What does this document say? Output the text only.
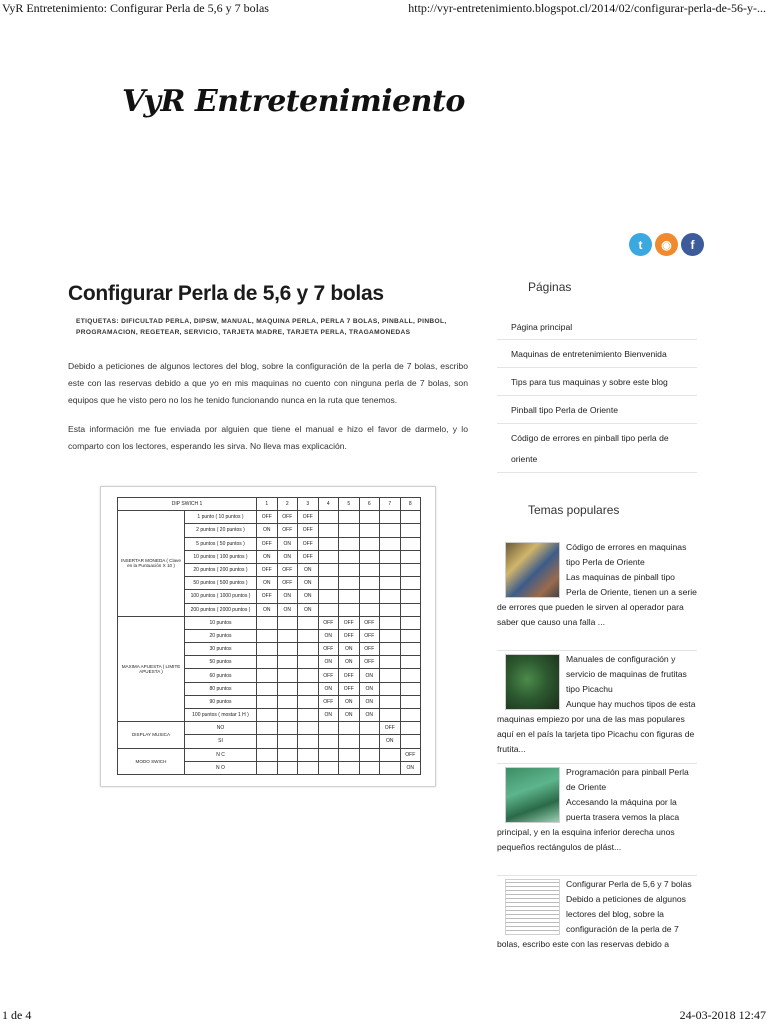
VyR Entretenimiento: Configurar Perla de 5,6 y 7 bolas	http://vyr-entretenimiento.blogspot.cl/2014/02/configurar-perla-de-56-y-...
VyR Entretenimiento
t	◉	f
Configurar Perla de 5,6 y 7 bolas
ETIQUETAS: DIFICULTAD PERLA, DIPSW, MANUAL, MAQUINA PERLA, PERLA 7 BOLAS, PINBALL, PINBOL, PROGRAMACION, REGETEAR, SERVICIO, TARJETA MADRE, TARJETA PERLA, TRAGAMONEDAS

Debido a peticiones de algunos lectores del blog, sobre la configuración de la perla de 7 bolas, escribo este con las reservas debido a que yo en mis maquinas no cuento con ninguna perla de 7 bolas, son equipos que he visto pero no los he tenido funcionando nunca en la ruta que tenemos.

Esta información me fue enviada por alguien que tiene el manual e hizo el favor de darmelo, y lo comparto con los lectores, esperando les sirva. No lleva mas explicación.

DIP SWICH 1		1	2	3	4	5	6	7	8
INSERTAR MONEDA ( Clave en la Puntuación X 10 )	1 punto ( 10 puntos )	OFF	OFF	OFF					
	2 puntos ( 20 puntos )	ON	OFF	OFF					
	5 puntos ( 50 puntos )	OFF	ON	OFF					
	10 puntos ( 100 puntos )	ON	ON	OFF					
	20 puntos ( 200 puntos )	OFF	OFF	ON					
	50 puntos ( 500 puntos )	ON	OFF	ON					
	100 puntos ( 1000 puntos )	OFF	ON	ON					
	200 puntos ( 2000 puntos )	ON	ON	ON					
MAXIMA APUESTA ( LIMITE APUESTA )	10 puntos				OFF	OFF	OFF		
	20 puntos				ON	OFF	OFF		
	30 puntos				OFF	ON	OFF		
	50 puntos				ON	ON	OFF		
	60 puntos				OFF	OFF	ON		
	80 puntos				ON	OFF	ON		
	90 puntos				OFF	ON	ON		
	100 puntos ( mostar 1 H )				ON	ON	ON		
DISPLAY MUSICA	NO							OFF	
	SI							ON	
MODO SWICH	N C								OFF
	N O								ON
Páginas
Página principal
Maquinas de entretenimiento Bienvenida
Tips para tus maquinas y sobre este blog
Pinball tipo Perla de Oriente
Código de errores en pinball tipo perla de oriente
Temas populares
Código de errores en maquinas tipo Perla de Oriente
Las maquinas de pinball tipo Perla de Oriente, tienen un a serie de errores que pueden le sirven al operador para saber que causo una falla ...
Manuales de configuración y servicio de maquinas de frutitas tipo Picachu
Aunque hay muchos tipos de esta maquinas empiezo por una de las mas populares aquí en el país la tarjeta tipo Picachu con figuras de frutita...
Programación para pinball Perla de Oriente
Accesando la máquina por la puerta trasera vemos la placa principal, y en la esquina inferior derecha unos pequeños rectángulos de plást...
Configurar Perla de 5,6 y 7 bolas
Debido a peticiones de algunos lectores del blog, sobre la configuración de la perla de 7 bolas, escribo este con las reservas debido a
1 de 4	24-03-2018 12:47
